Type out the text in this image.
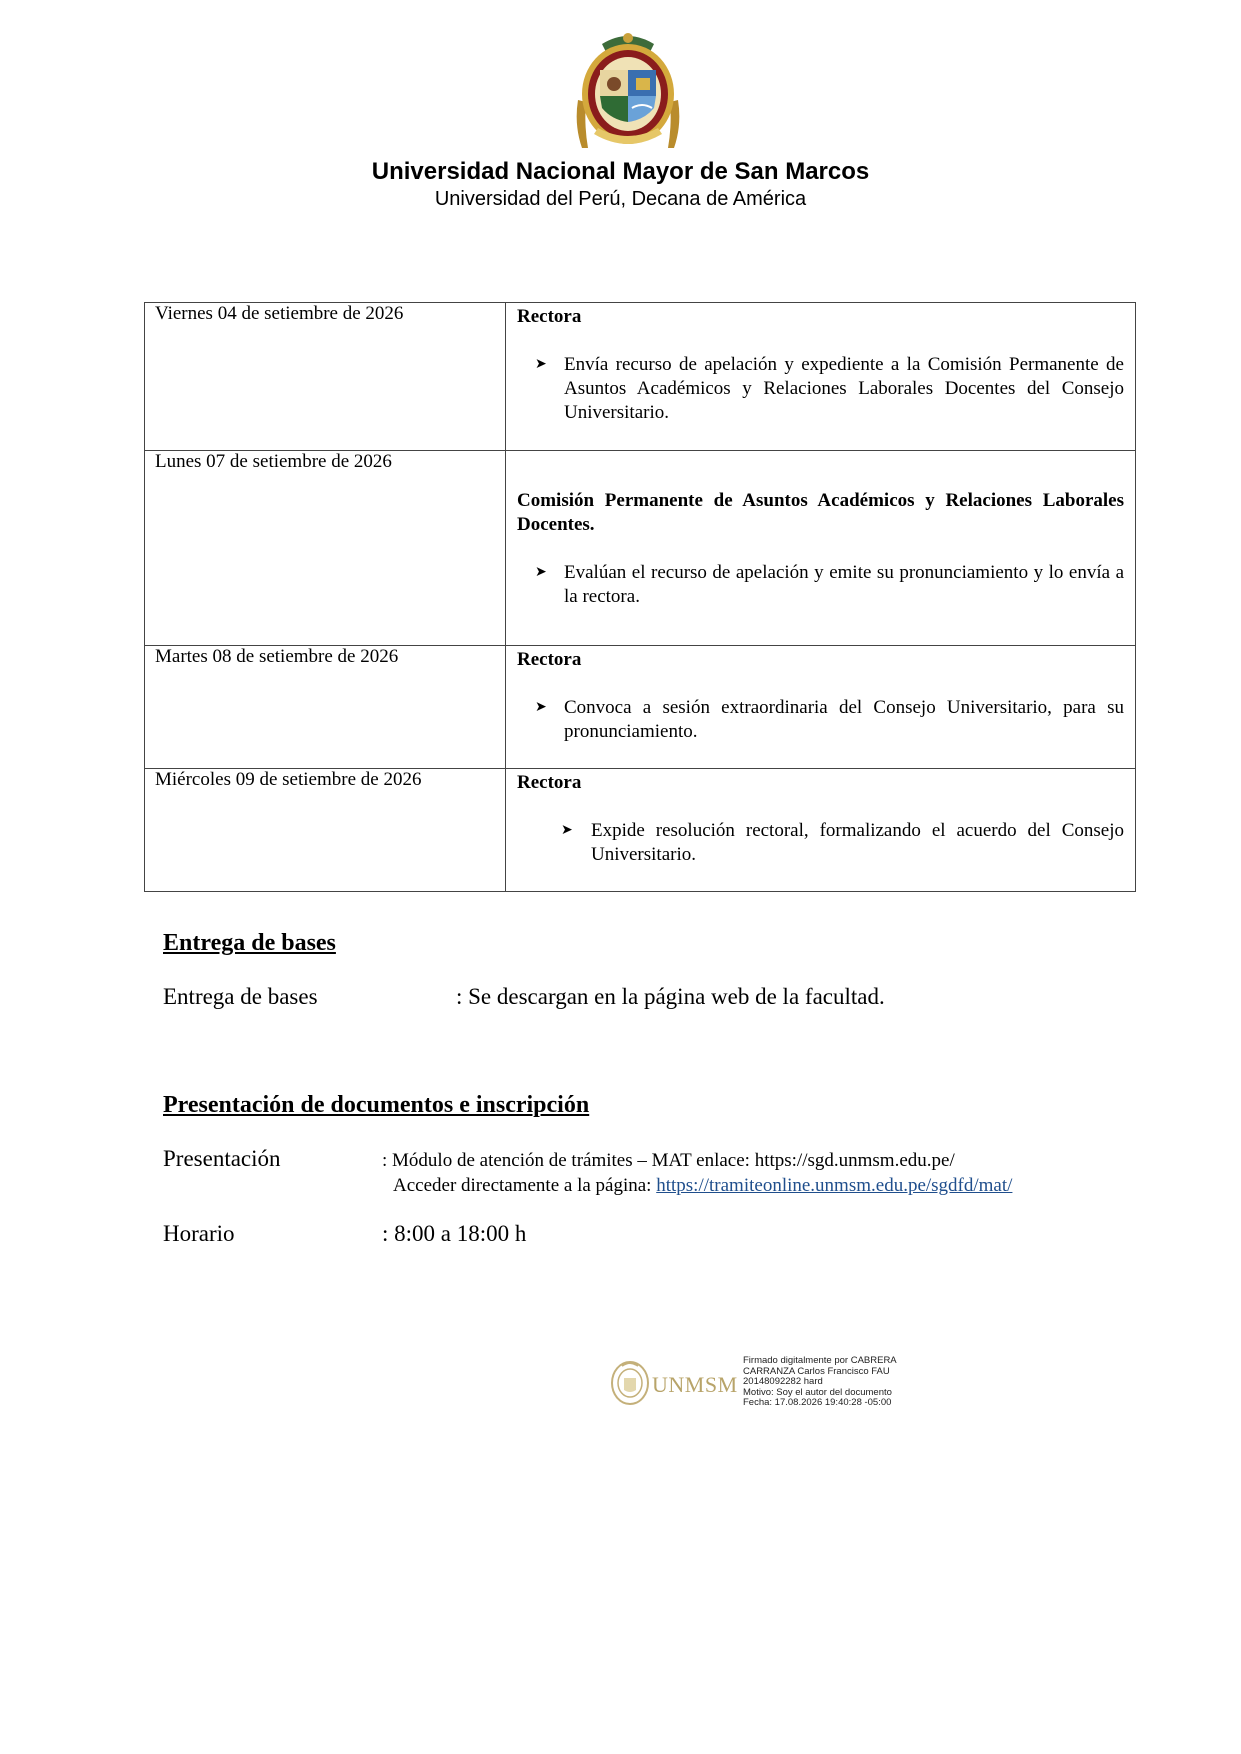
Universidad Nacional Mayor de San Marcos
Universidad del Perú, Decana de América
Viernes 04 de setiembre de 2026	Rectora
➤ Envía recurso de apelación y expediente a la Comisión Permanente de Asuntos Académicos y Relaciones Laborales Docentes del Consejo Universitario.

Lunes 07 de setiembre de 2026	Comisión Permanente de Asuntos Académicos y Relaciones Laborales Docentes.
➤ Evalúan el recurso de apelación y emite su pronunciamiento y lo envía a la rectora.

Martes 08 de setiembre de 2026	Rectora
➤ Convoca a sesión extraordinaria del Consejo Universitario, para su pronunciamiento.

Miércoles 09 de setiembre de 2026	Rectora
➤ Expide resolución rectoral, formalizando el acuerdo del Consejo Universitario.
Entrega de bases
Entrega de bases	: Se descargan en la página web de la facultad.
Presentación de documentos e inscripción
Presentación	: Módulo de atención de trámites – MAT enlace: https://sgd.unmsm.edu.pe/
Acceder directamente a la página: https://tramiteonline.unmsm.edu.pe/sgdfd/mat/
Horario	: 8:00 a 18:00 h
UNMSM
Firmado digitalmente por CABRERA
CARRANZA Carlos Francisco FAU
20148092282 hard
Motivo: Soy el autor del documento
Fecha: 17.08.2026 19:40:28 -05:00
